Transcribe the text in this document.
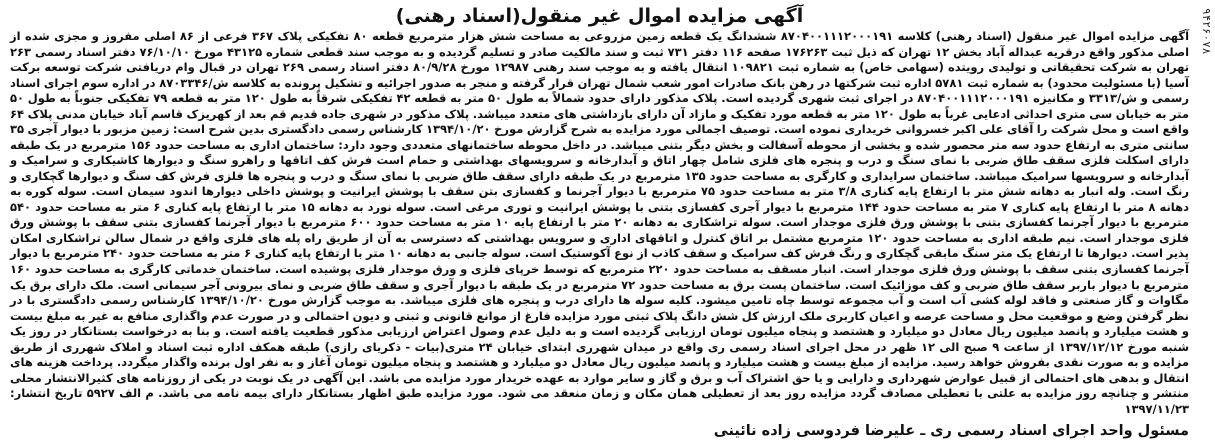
۹۴۲۶۰۷۸
آگهی مزایده اموال غیر منقول(اسناد رهنی)

آگهی مزایده اموال غیر منقول (اسناد رهنی) کلاسه ۸۷۰۴۰۰۱۱۱۲۰۰۰۱۹۱ ششدانگ یک قطعه زمین مزروعی به مساحت شش هزار مترمربع قطعه ۸۰ تفکیکی پلاک ۳۶۷ فرعی از ۸۶ اصلی مفروز و مجزی شده از اصلی مذکور واقع درقریه عبداله آباد بخش ۱۲ تهران که ذیل ثبت ۱۷۶۲۶۳ صفحه ۱۱۶ دفتر ۷۳۱ ثبت و سند مالکیت صادر و تسلیم گردیده و به موجب سند قطعی شماره ۴۳۱۲۵ مورخ ۷۶/۱۰/۱۰ دفتر اسناد رسمی ۲۶۳ تهران به شرکت تحقیقاتی و تولیدی رویتده (سهامی خاص) به شماره ثبت ۱۰۹۸۲۱ انتقال یافته و به موجب سند رهنی ۱۲۹۸۷ مورخ ۸۰/۹/۲۸ دفتر اسناد رسمی ۲۶۹ تهران در قبال وام دریافتی شرکت توسعه برکت آسیا (با مسئولیت محدود) به شماره ثبت ۵۷۸۱ اداره ثبت شرکتها در رهن بانک صادرات امور شعب شمال تهران قرار گرفته و منجر به صدور اجرائیه و تشکیل پرونده به کلاسه ش/۸۷۰۳۳۴۶ در اداره سوم اجرای اسناد رسمی و ش/۳۳۱۳ و مکانیزه ۸۷۰۴۰۰۱۱۱۲۰۰۰۱۹۱ در اجرای ثبت شهری گردیده است. پلاک مذکور دارای حدود شمالاً به طول ۵۰ متر به قطعه ۴۲ تفکیکی شرقاً به طول ۱۲۰ متر به قطعه ۷۹ تفکیکی جنوباً به طول ۵۰ متر به خیابان سی متری احداثی ادعایی غرباً به طول ۱۲۰ متر به قطعه مورد تفکیک و مازاد آن دارای بازداشتی های متعدد میباشد. پلاک مذکور در شهری جاده قدیم قم بعد از کهریزک قاسم آباد خیابان مدنی پلاک ۶۴ واقع است و محل شرکت را آقای علی اکبر خسروانی خریداری نموده است. توصیف اجمالی مورد مزایده به شرح گزارش مورخ ۱۳۹۴/۱۰/۲۰ کارشناس رسمی دادگستری بدین شرح است: زمین مزبور با دیوار آجری ۳۵ سانتی متری به ارتفاع حدود سه متر محصور شده و بخشی از محوطه آسفالت و بخش دیگر بتنی میباشد. در داخل محوطه ساختمانهای متعددی وجود دارد: ساختمان اداری به مساحت حدود ۱۵۶ مترمربع در یک طبقه دارای اسکلت فلزی سقف طاق ضربی با نمای سنگ و درب و پنجره های فلزی شامل چهار اتاق و آبدارخانه و سرویسهای بهداشتی و حمام است فرش کف اتاقها و راهرو سنگ و دیوارها کاشیکاری و سرامیک و آبدارخانه و سرویسها سرامیک میباشد. ساختمان سرایداری و کارگری به مساحت حدود ۱۳۵ مترمربع در یک طبقه دارای سقف طاق ضربی با نمای سنگ و درب و پنجره ها فلزی فرش کف سنگ و دیوارها گچکاری و رنگ است. وله انبار به دهانه شش متر با ارتفاع پایه کناری ۳/۸ متر به مساحت حدود ۷۵ مترمربع با دیوار آجرنما و کفسازی بتن سقف با پوشش ایرانیت و پوشش داخلی دیوارها اندود سیمان است. سوله کوره به دهانه ۸ متر با ارتفاع پایه کناری ۷ متر به مساحت حدود ۱۴۴ مترمربع با دیوار آجری کفسازی بتنی با پوشش ایرانیت و توری مرغی است. سوله نورد به دهانه ۱۵ متر با ارتفاع پایه کناری ۶ متر به مساحت حدود ۵۴۰ مترمربع با دیوار آجرنما کفسازی بتنی با پوشش ورق فلزی موجدار است. سوله تراشکاری به دهانه ۲۰ متر با ارتفاع پایه ۱۰ متر به مساحت حدود ۶۰۰ مترمربع با دیوار آجرنما کفسازی بتنی سقف با پوشش ورق فلزی موجدار است. نیم طبقه اداری به مساحت حدود ۱۲۰ مترمربع مشتمل بر اتاق کنترل و اتاقهای اداری و سرویس بهداشتی که دسترسی به آن از طریق راه پله های فلزی واقع در شمال سالن تراشکاری امکان پذیر است. دیوارها تا ارتفاع یک متر سنگ مابقی گچکاری و رنگ فرش کف سرامیک و سقف کاذب از نوع آکوستیک است. سوله جانبی به دهانه ۱۰ متر با ارتفاع پایه کناری ۶ متر به مساحت حدود ۲۴۰ مترمربع با دیوار آجرنما کفسازی بتنی سقف با پوشش ورق فلزی موجدار است. انبار مسقف به مساحت حدود ۲۲۰ مترمربع که توسط خرپای فلزی و ورق موجدار فلزی پوشیده است. ساختمان خدماتی کارگری به مساحت حدود ۱۶۰ مترمربع با دیوار باربر سقف طاق ضربی و کف موزائیک است. ساختمان پست برق به مساحت حدود ۷۲ مترمربع در یک طبقه با دیوار آجری و سقف طاق ضربی و نمای بیرونی آجر سیمانی است. ملک دارای برق یک مگاوات و گاز صنعتی و فاقد لوله کشی آب است و آب مجموعه توسط چاه تامین میشود. کلیه سوله ها دارای درب و پنجره های فلزی میباشد. به موجب گزارش مورخ ۱۳۹۴/۱۰/۲۰ کارشناس رسمی دادگستری با در نظر گرفتن وضع و موقعیت محل و مساحت عرصه و اعیان کاربری ملک ارزش کل شش دانگ پلاک ثبتی مورد مزایده فارغ از موانع قانونی و ثبتی و دیون احتمالی و در صورت عدم واگذاری منافع به غیر به مبلغ بیست و هشت میلیارد و پانصد میلیون ریال معادل دو میلیارد و هشتصد و پنجاه میلیون تومان ارزیابی گردیده است و به دلیل عدم وصول اعتراض ارزیابی مذکور قطعیت یافته است. و بنا به درخواست بستانکار در روز یک شنبه مورخ ۱۳۹۷/۱۲/۱۲ از ساعت ۹ صبح الی ۱۲ ظهر در محل اجرای اسناد رسمی ری واقع در میدان شهرری ابتدای خیابان ۲۴ متری(بیات - ذکریای رازی) طبقه همکف اداره ثبت اسناد و املاک شهرری از طریق مزایده و به صورت نقدی بفروش خواهد رسید. مزایده از مبلغ بیست و هشت میلیارد و پانصد میلیون ریال معادل دو میلیارد و هشتصد و پنجاه میلیون تومان آغاز و به نفر اول برنده واگذار میگردد. پرداخت هزینه های انتقال و بدهی های احتمالی از قبیل عوارض شهرداری و دارایی و یا حق اشتراک آب و برق و گاز و سایر موارد به عهده خریدار مورد مزایده می باشد. این آگهی در یک نوبت در یکی از روزنامه های کثیرالانتشار محلی منتشر و چنانچه روز مزایده به علتی با تعطیلی مصادف گردد مزایده روز بعد از تعطیلی همان مکان و زمان منعقد می شود. مورد مزایده طبق اظهار بستانکار دارای بیمه نامه می باشد. م الف ۵۹۲۷ تاریخ انتشار: ۱۳۹۷/۱۱/۲۳

مسئول واحد اجرای اسناد رسمی ری ـ علیرضا فردوسی زاده نائینی
